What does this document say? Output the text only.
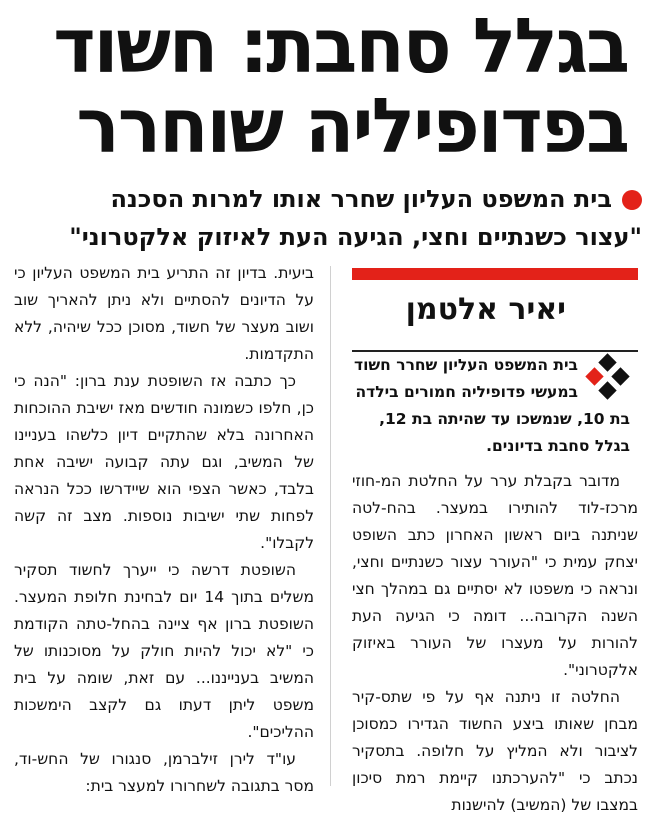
בגלל סחבת: חשוד
בפדופיליה שוחרר
בית המשפט העליון שחרר אותו למרות הסכנה
"עצור כשנתיים וחצי, הגיעה העת לאיזוק אלקטרוני"
יאיר אלטמן
בית המשפט העליון שחרר חשוד במעשי פדופיליה חמורים בילדה בת 10, שנמשכו עד שהיתה בת 12, בגלל סחבת בדיונים.

מדובר בקבלת ערר על החלטת המ-חוזי מרכז-לוד להותירו במעצר. בהח-לטה שניתנה ביום ראשון האחרון כתב השופט יצחק עמית כי "העורר עצור כשנתיים וחצי, ונראה כי משפטו לא יסתיים גם במהלך חצי השנה הקרובה... דומה כי הגיעה העת להורות על מעצרו של העורר באיזוק אלקטרוני".

החלטה זו ניתנה אף על פי שתס-קיר מבחן שאותו ביצע החשוד הגדירו כמסוכן לציבור ולא המליץ על חלופה. בתסקיר נכתב כי "להערכתנו קיימת רמת סיכון במצבו של (המשיב) להישנות

ביעית. בדיון זה התריע בית המשפט העליון כי על הדיונים להסתיים ולא ניתן להאריך שוב ושוב מעצר של חשוד, מסוכן ככל שיהיה, ללא התקדמות.

כך כתבה אז השופטת ענת ברון: "הנה כי כן, חלפו כשמונה חודשים מאז ישיבת ההוכחות האחרונה בלא שהתקיים דיון כלשהו בעניינו של המשיב, וגם עתה קבועה ישיבה אחת בלבד, כאשר הצפי הוא שיידרשו ככל הנראה לפחות שתי ישיבות נוספות. מצב זה קשה לקבלו".

השופטת דרשה כי ייערך לחשוד תסקיר משלים בתוך 14 יום לבחינת חלופת המעצר. השופטת ברון אף ציינה בהחל-טתה הקודמת כי "לא יכול להיות חולק על מסוכנותו של המשיב בענייננו... עם זאת, שומה על בית משפט ליתן דעתו גם לקצב הימשכות ההליכים".

עו"ד לירן זילברמן, סנגורו של החש-וד, מסר בתגובה לשחרורו למעצר בית:
